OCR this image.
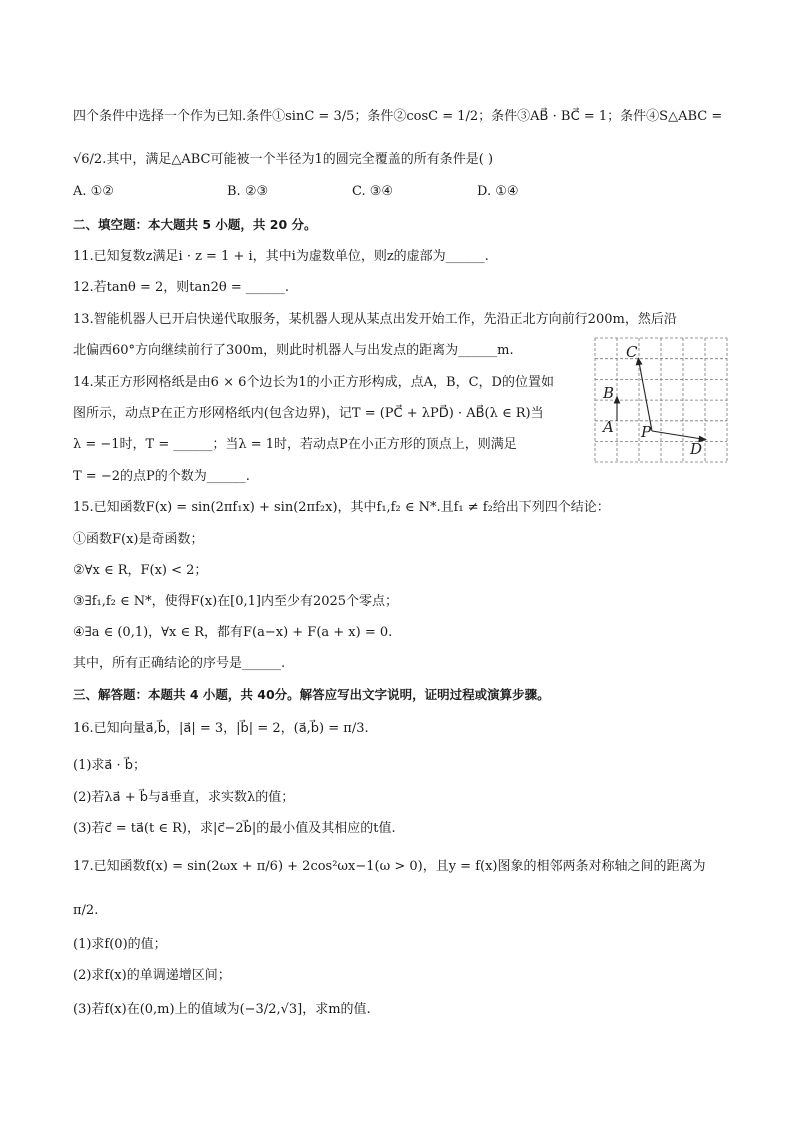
四个条件中选择一个作为已知.条件①sinC = 3/5；条件②cosC = 1/2；条件③AB⃗ · BC⃗ = 1；条件④S△ABC =
√6/2.其中，满足△ABC可能被一个半径为1的圆完全覆盖的所有条件是( )
A. ①②	B. ②③	C. ③④	D. ①④
二、填空题：本大题共 5 小题，共 20 分。
11.已知复数z满足i · z = 1 + i，其中i为虚数单位，则z的虚部为______.
12.若tanθ = 2，则tan2θ = ______.
13.智能机器人已开启快递代取服务，某机器人现从某点出发开始工作，先沿正北方向前行200m，然后沿
北偏西60°方向继续前行了300m，则此时机器人与出发点的距离为______m.
14.某正方形网格纸是由6 × 6个边长为1的小正方形构成，点A，B，C，D的位置如
图所示，动点P在正方形网格纸内(包含边界)，记T = (PC⃗ + λPD⃗) · AB⃗(λ ∈ R)当
λ = −1时，T = ______；当λ = 1时，若动点P在小正方形的顶点上，则满足
T = −2的点P的个数为______.
C
B
A P
D
15.已知函数F(x) = sin(2πf₁x) + sin(2πf₂x)，其中f₁,f₂ ∈ N*.且f₁ ≠ f₂给出下列四个结论：
①函数F(x)是奇函数；
②∀x ∈ R，F(x) < 2；
③∃f₁,f₂ ∈ N*，使得F(x)在[0,1]内至少有2025个零点；
④∃a ∈ (0,1)，∀x ∈ R，都有F(a−x) + F(a + x) = 0.
其中，所有正确结论的序号是______.
三、解答题：本题共 4 小题，共 40分。解答应写出文字说明，证明过程或演算步骤。
16.已知向量a⃗,b⃗，|a⃗| = 3，|b⃗| = 2，(a⃗,b⃗) = π/3.
(1)求a⃗ · b⃗；
(2)若λa⃗ + b⃗与a⃗垂直，求实数λ的值；
(3)若c⃗ = ta⃗(t ∈ R)，求|c⃗−2b⃗|的最小值及其相应的t值.
17.已知函数f(x) = sin(2ωx + π/6) + 2cos²ωx−1(ω > 0)，且y = f(x)图象的相邻两条对称轴之间的距离为
π/2.
(1)求f(0)的值；
(2)求f(x)的单调递增区间；
(3)若f(x)在(0,m)上的值域为(−3/2,√3]，求m的值.
